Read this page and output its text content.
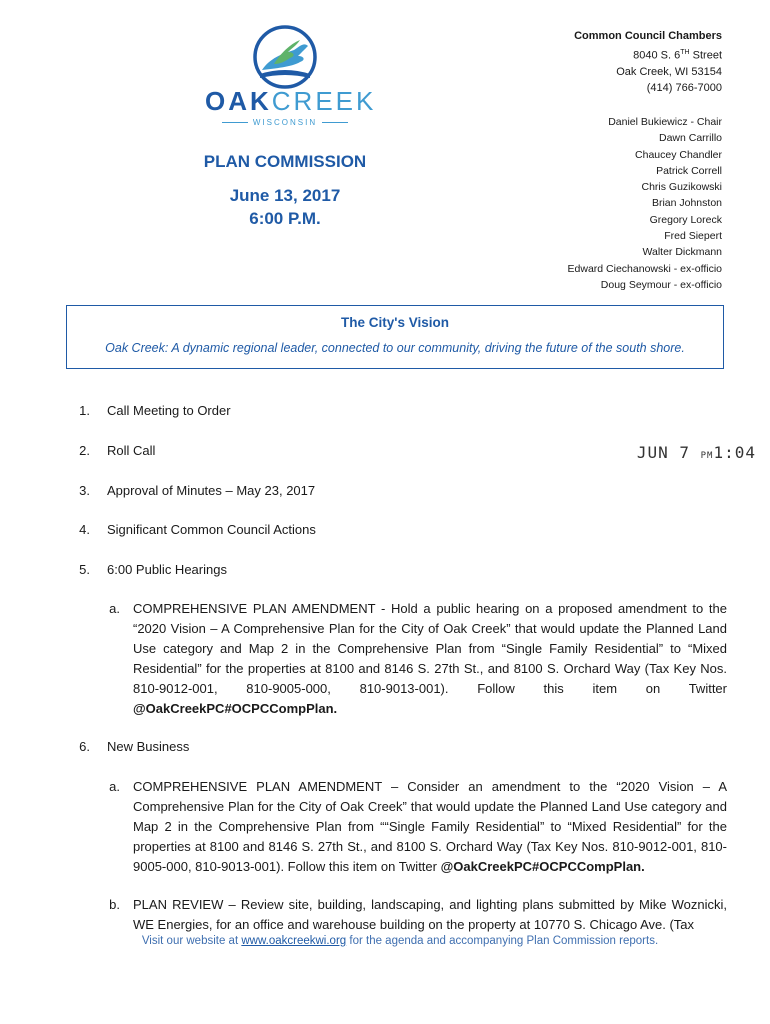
OAKCREEK
WISCONSIN
PLAN COMMISSION
June 13, 2017
6:00 P.M.
Common Council Chambers
8040 S. 6TH Street
Oak Creek, WI 53154
(414) 766-7000
Daniel Bukiewicz - Chair
Dawn Carrillo
Chaucey Chandler
Patrick Correll
Chris Guzikowski
Brian Johnston
Gregory Loreck
Fred Siepert
Walter Dickmann
Edward Ciechanowski - ex-officio
Doug Seymour - ex-officio
The City's Vision
Oak Creek: A dynamic regional leader, connected to our community, driving the future of the south shore.
JUN 7 PM1:04
1. Call Meeting to Order
2. Roll Call
3. Approval of Minutes – May 23, 2017
4. Significant Common Council Actions
5. 6:00 Public Hearings
a. COMPREHENSIVE PLAN AMENDMENT - Hold a public hearing on a proposed amendment to the “2020 Vision – A Comprehensive Plan for the City of Oak Creek” that would update the Planned Land Use category and Map 2 in the Comprehensive Plan from “Single Family Residential” to “Mixed Residential” for the properties at 8100 and 8146 S. 27th St., and 8100 S. Orchard Way (Tax Key Nos. 810-9012-001, 810-9005-000, 810-9013-001). Follow this item on Twitter @OakCreekPC#OCPCCompPlan.
6. New Business
a. COMPREHENSIVE PLAN AMENDMENT – Consider an amendment to the “2020 Vision – A Comprehensive Plan for the City of Oak Creek” that would update the Planned Land Use category and Map 2 in the Comprehensive Plan from ““Single Family Residential” to “Mixed Residential” for the properties at 8100 and 8146 S. 27th St., and 8100 S. Orchard Way (Tax Key Nos. 810-9012-001, 810-9005-000, 810-9013-001). Follow this item on Twitter @OakCreekPC#OCPCCompPlan.
b. PLAN REVIEW – Review site, building, landscaping, and lighting plans submitted by Mike Woznicki, WE Energies, for an office and warehouse building on the property at 10770 S. Chicago Ave. (Tax
Visit our website at www.oakcreekwi.org for the agenda and accompanying Plan Commission reports.
